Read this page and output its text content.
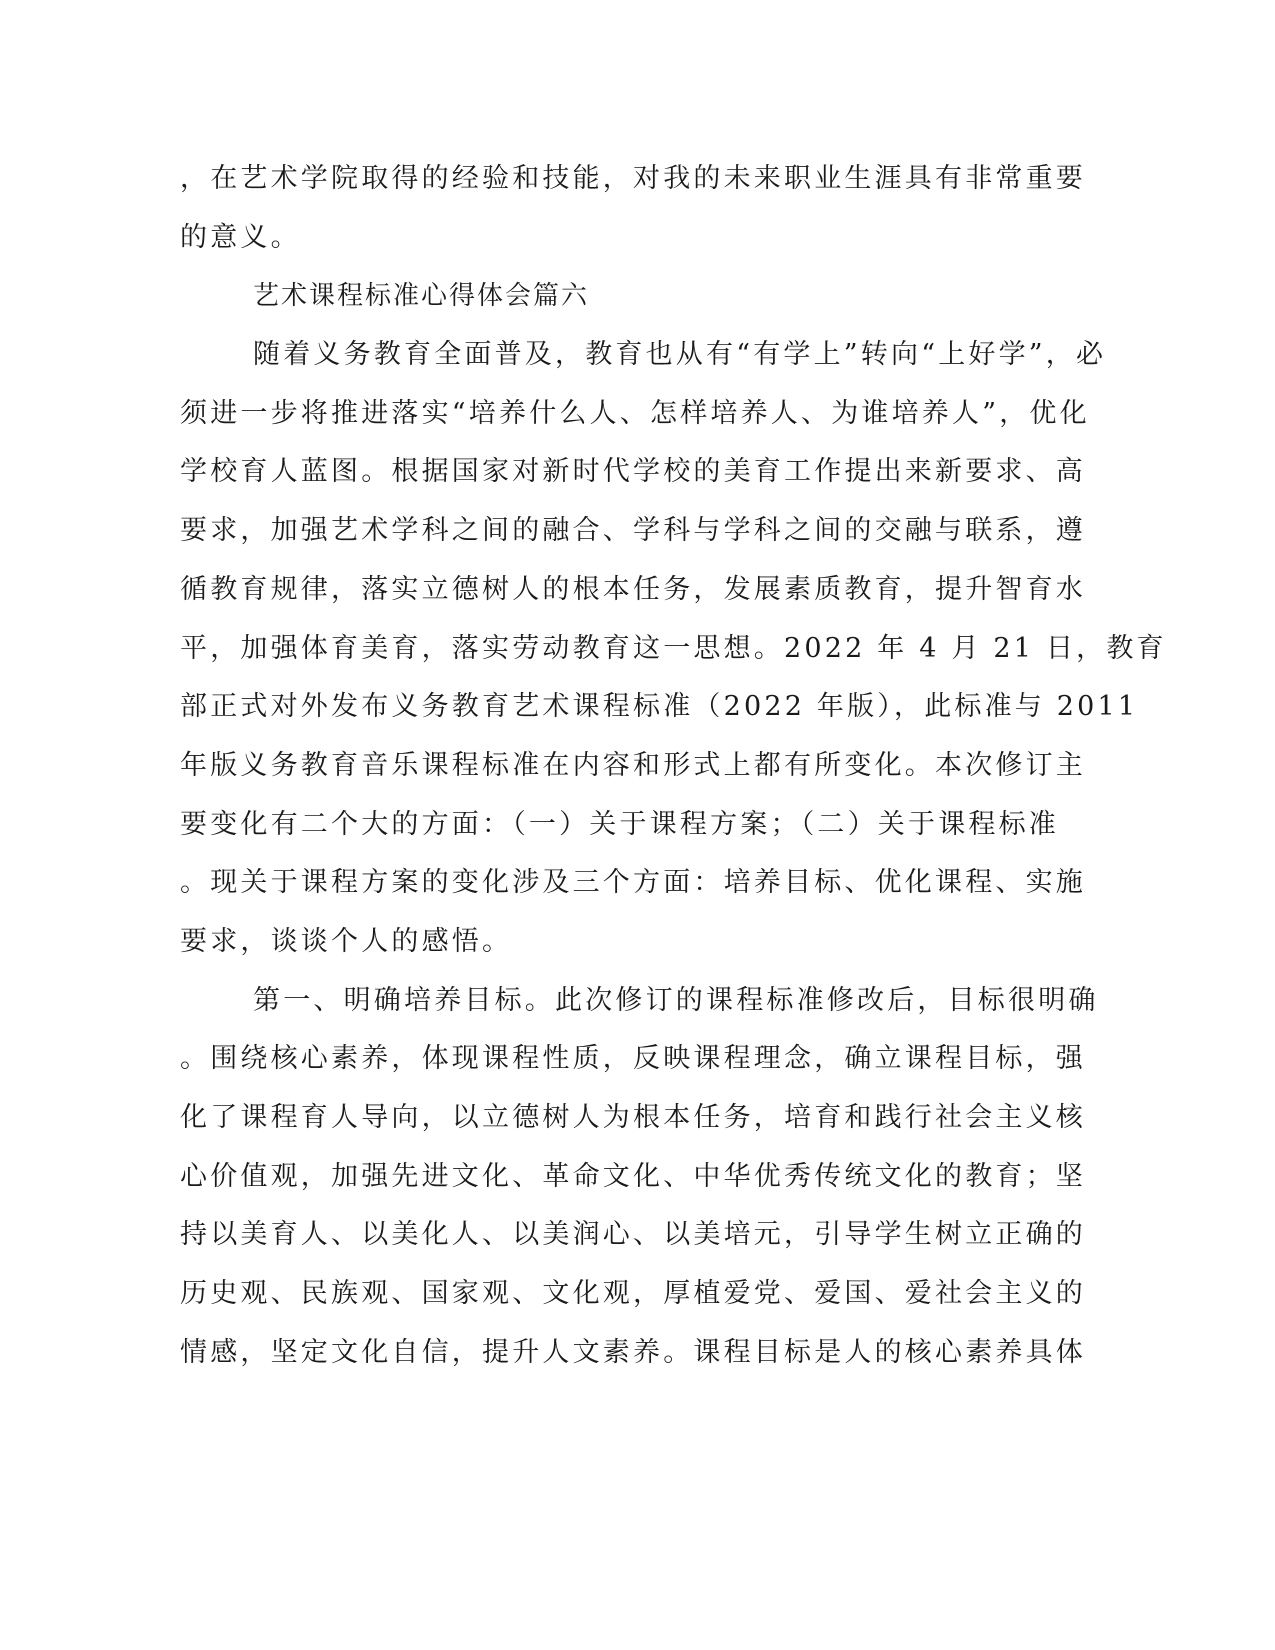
，在艺术学院取得的经验和技能，对我的未来职业生涯具有非常重要
的意义。
艺术课程标准心得体会篇六
随着义务教育全面普及，教育也从有“有学上”转向“上好学”，必
须进一步将推进落实“培养什么人、怎样培养人、为谁培养人”，优化
学校育人蓝图。根据国家对新时代学校的美育工作提出来新要求、高
要求，加强艺术学科之间的融合、学科与学科之间的交融与联系，遵
循教育规律，落实立德树人的根本任务，发展素质教育，提升智育水
平，加强体育美育，落实劳动教育这一思想。2022 年 4 月 21 日，教育
部正式对外发布义务教育艺术课程标准（2022 年版），此标准与 2011
年版义务教育音乐课程标准在内容和形式上都有所变化。本次修订主
要变化有二个大的方面：（一）关于课程方案；（二）关于课程标准
。现关于课程方案的变化涉及三个方面：培养目标、优化课程、实施
要求，谈谈个人的感悟。
第一、明确培养目标。此次修订的课程标准修改后，目标很明确
。围绕核心素养，体现课程性质，反映课程理念，确立课程目标，强
化了课程育人导向，以立德树人为根本任务，培育和践行社会主义核
心价值观，加强先进文化、革命文化、中华优秀传统文化的教育；坚
持以美育人、以美化人、以美润心、以美培元，引导学生树立正确的
历史观、民族观、国家观、文化观，厚植爱党、爱国、爱社会主义的
情感，坚定文化自信，提升人文素养。课程目标是人的核心素养具体
